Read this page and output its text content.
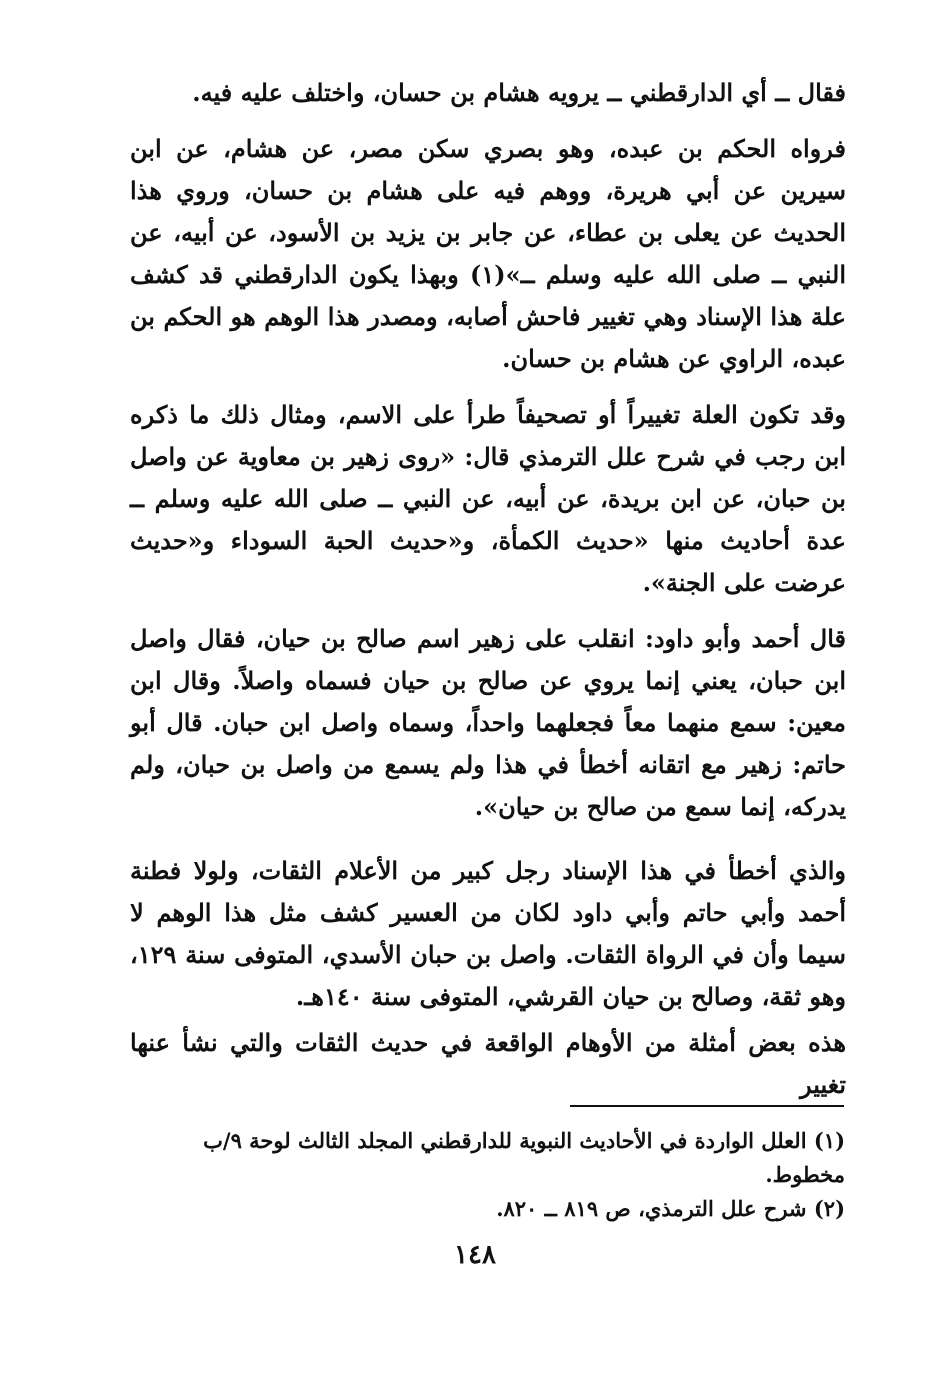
فقال ــ أي الدارقطني ــ يرويه هشام بن حسان، واختلف عليه فيه.

فرواه الحكم بن عبده، وهو بصري سكن مصر، عن هشام، عن ابن سيرين عن أبي هريرة، ووهم فيه على هشام بن حسان، وروي هذا الحديث عن يعلى بن عطاء، عن جابر بن يزيد بن الأسود، عن أبيه، عن النبي ــ صلى الله عليه وسلم ــ»(١) وبهذا يكون الدارقطني قد كشف علة هذا الإسناد وهي تغيير فاحش أصابه، ومصدر هذا الوهم هو الحكم بن عبده، الراوي عن هشام بن حسان.

وقد تكون العلة تغييراً أو تصحيفاً طرأ على الاسم، ومثال ذلك ما ذكره ابن رجب في شرح علل الترمذي قال: «روى زهير بن معاوية عن واصل بن حبان، عن ابن بريدة، عن أبيه، عن النبي ــ صلى الله عليه وسلم ــ عدة أحاديث منها «حديث الكمأة، و«حديث الحبة السوداء و«حديث عرضت على الجنة».

قال أحمد وأبو داود: انقلب على زهير اسم صالح بن حيان، فقال واصل ابن حبان، يعني إنما يروي عن صالح بن حيان فسماه واصلاً. وقال ابن معين: سمع منهما معاً فجعلهما واحداً، وسماه واصل ابن حبان. قال أبو حاتم: زهير مع اتقانه أخطأ في هذا ولم يسمع من واصل بن حبان، ولم يدركه، إنما سمع من صالح بن حيان».

والذي أخطأ في هذا الإسناد رجل كبير من الأعلام الثقات، ولولا فطنة أحمد وأبي حاتم وأبي داود لكان من العسير كشف مثل هذا الوهم لا سيما وأن في الرواة الثقات. واصل بن حبان الأسدي، المتوفى سنة ١٢٩، وهو ثقة، وصالح بن حيان القرشي، المتوفى سنة ١٤٠هـ.

هذه بعض أمثلة من الأوهام الواقعة في حديث الثقات والتي نشأ عنها تغيير

(١) العلل الواردة في الأحاديث النبوية للدارقطني المجلد الثالث لوحة ٩/ب مخطوط.

(٢) شرح علل الترمذي، ص ٨١٩ ــ ٨٢٠.

١٤٨
